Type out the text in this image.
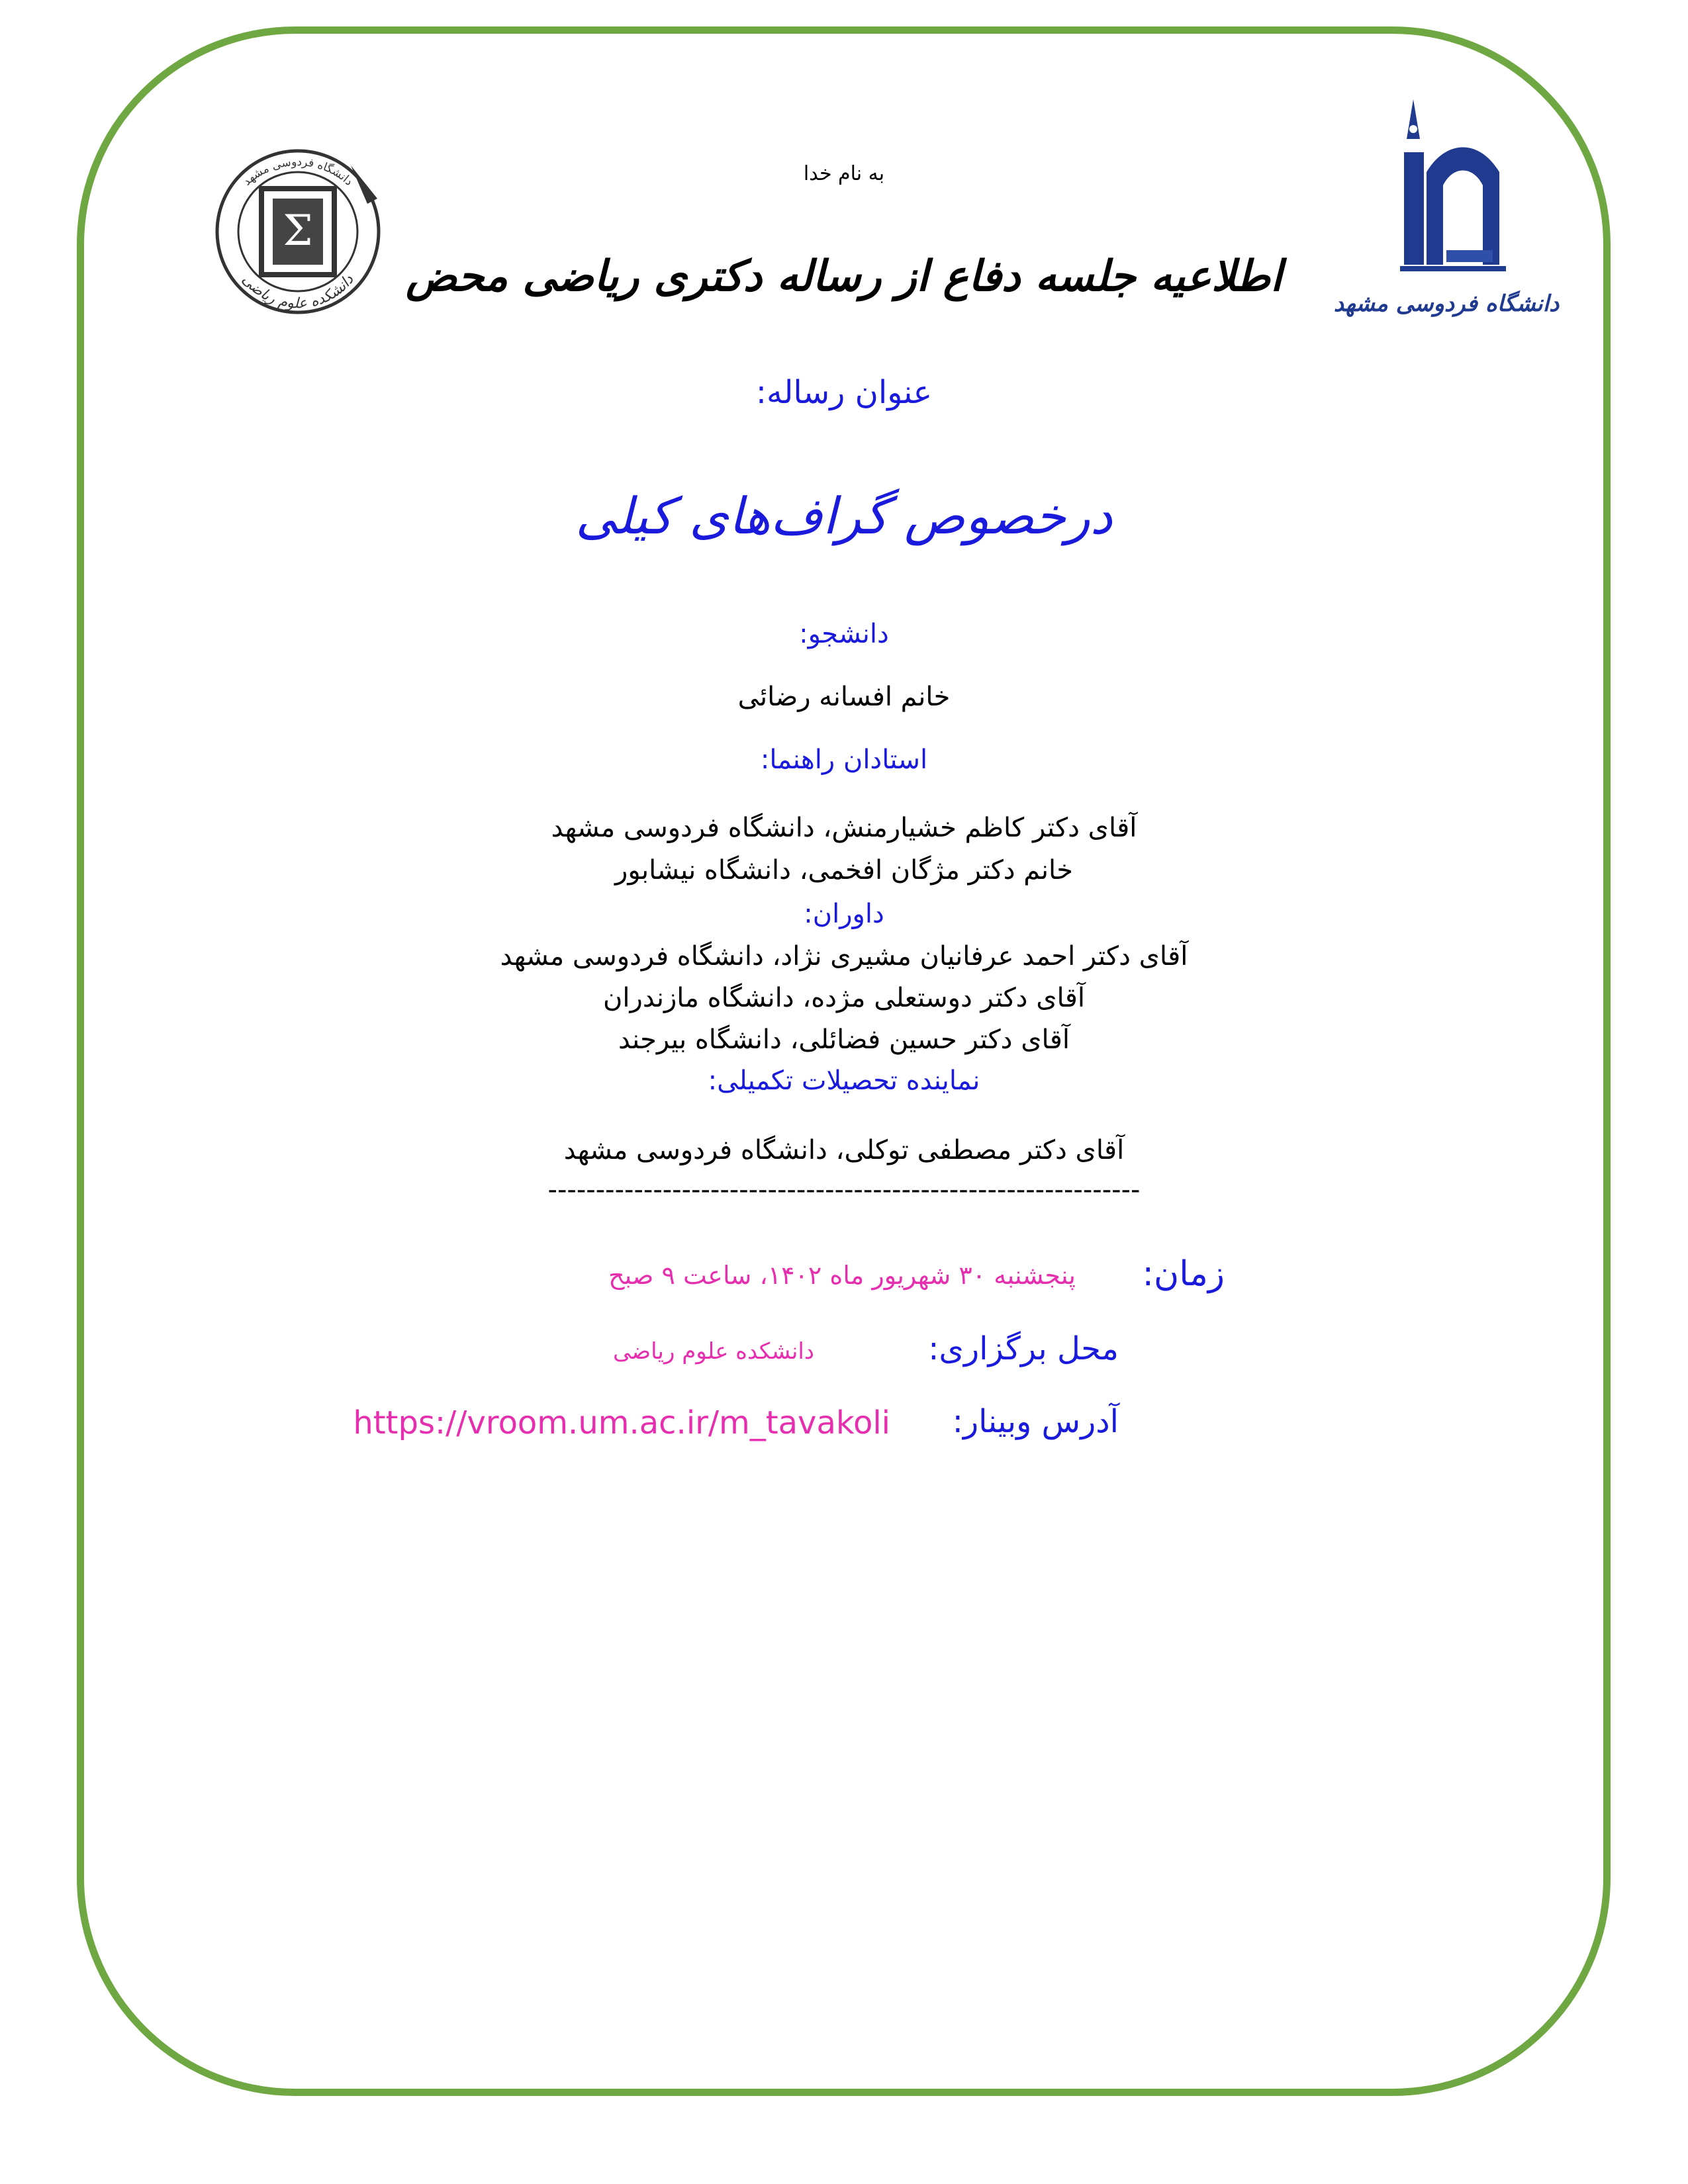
Σ
دانشگاه فردوسی مشهد
دانشکده علوم ریاضی
دانشگاه فردوسی مشهد
به نام خدا
اطلاعیه جلسه دفاع از رساله دکتری ریاضی محض
عنوان رساله:
درخصوص گراف‌های کیلی
دانشجو:
خانم افسانه رضائی
استادان راهنما:
آقای دکتر کاظم خشیارمنش، دانشگاه فردوسی مشهد
خانم دکتر مژگان افخمی، دانشگاه نیشابور
داوران:
آقای دکتر احمد عرفانیان مشیری نژاد، دانشگاه فردوسی مشهد
آقای دکتر دوستعلی مژده، دانشگاه مازندران
آقای دکتر حسین فضائلی، دانشگاه بیرجند
نماینده تحصیلات تکمیلی:
آقای دکتر مصطفی توکلی، دانشگاه فردوسی مشهد
--------------------------------------------------------------
زمان:
پنجشنبه ۳۰ شهریور ماه ۱۴۰۲، ساعت ۹ صبح
محل برگزاری:
دانشکده علوم ریاضی
آدرس وبینار:
https://vroom.um.ac.ir/m_tavakoli
